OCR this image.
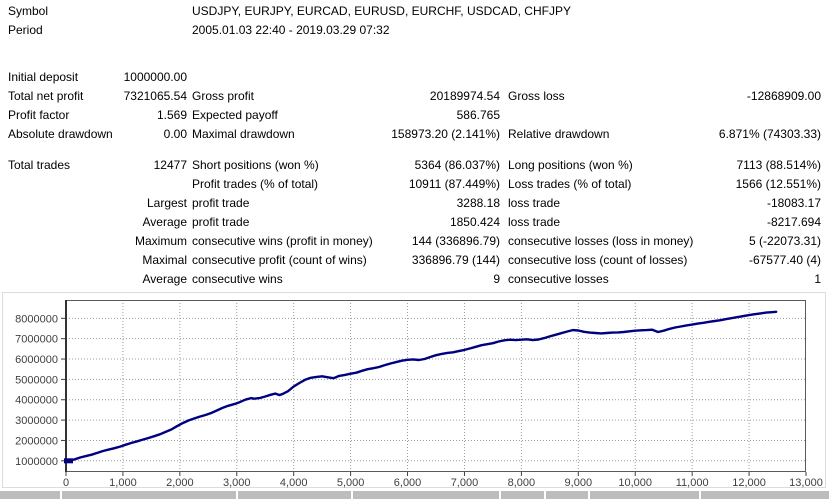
Symbol	USDJPY, EURJPY, EURCAD, EURUSD, EURCHF, USDCAD, CHFJPY
Period	2005.01.03 22:40 - 2019.03.29 07:32
Initial deposit	1000000.00
Total net profit	7321065.54 Gross profit	20189974.54 Gross loss	-12868909.00
Profit factor	1.569 Expected payoff	586.765
Absolute drawdown	0.00 Maximal drawdown	158973.20 (2.141%) Relative drawdown	6.871% (74303.33)
Total trades	12477 Short positions (won %)	5364 (86.037%) Long positions (won %)	7113 (88.514%)
Profit trades (% of total)	10911 (87.449%) Loss trades (% of total)	1566 (12.551%)
Largest profit trade	3288.18 loss trade	-18083.17
Average profit trade	1850.424 loss trade	-8217.694
Maximum consecutive wins (profit in money)	144 (336896.79) consecutive losses (loss in money)	5 (-22073.31)
Maximal consecutive profit (count of wins)	336896.79 (144) consecutive loss (count of losses)	-67577.40 (4)
Average consecutive wins	9 consecutive losses	1
1000000
2000000
3000000
4000000
5000000
6000000
7000000
8000000
0	1,000	2,000	3,000	4,000	5,000	6,000	7,000	8,000	9,000 10,000 11,000 12,000 13,000
